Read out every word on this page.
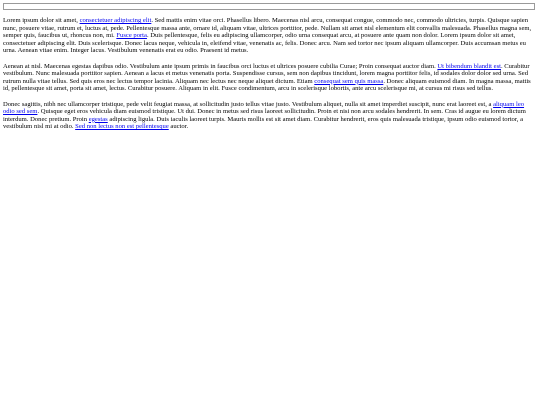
Lorem ipsum dolor sit amet, consectetuer adipiscing elit. Sed mattis enim vitae orci. Phasellus libero. Maecenas nisl arcu, consequat congue, commodo nec, commodo ultricies, turpis. Quisque sapien nunc, posuere vitae, rutrum et, luctus at, pede. Pellentesque massa ante, ornare id, aliquam vitae, ultrices porttitor, pede. Nullam sit amet nisl elementum elit convallis malesuada. Phasellus magna sem, semper quis, faucibus ut, rhoncus non, mi. Fusce porta. Duis pellentesque, felis eu adipiscing ullamcorper, odio urna consequat arcu, at posuere ante quam non dolor. Lorem ipsum dolor sit amet, consectetuer adipiscing elit. Duis scelerisque. Donec lacus neque, vehicula in, eleifend vitae, venenatis ac, felis. Donec arcu. Nam sed tortor nec ipsum aliquam ullamcorper. Duis accumsan metus eu urna. Aenean vitae enim. Integer lacus. Vestibulum venenatis erat eu odio. Praesent id metus.

Aenean at nisl. Maecenas egestas dapibus odio. Vestibulum ante ipsum primis in faucibus orci luctus et ultrices posuere cubilia Curae; Proin consequat auctor diam. Ut bibendum blandit est. Curabitur vestibulum. Nunc malesuada porttitor sapien. Aenean a lacus et metus venenatis porta. Suspendisse cursus, sem non dapibus tincidunt, lorem magna porttitor felis, id sodales dolor dolor sed urna. Sed rutrum nulla vitae tellus. Sed quis eros nec lectus tempor lacinia. Aliquam nec lectus nec neque aliquet dictum. Etiam consequat sem quis massa. Donec aliquam euismod diam. In magna massa, mattis id, pellentesque sit amet, porta sit amet, lectus. Curabitur posuere. Aliquam in elit. Fusce condimentum, arcu in scelerisque lobortis, ante arcu scelerisque mi, at cursus mi risus sed tellus.

Donec sagittis, nibh nec ullamcorper tristique, pede velit feugiat massa, at sollicitudin justo tellus vitae justo. Vestibulum aliquet, nulla sit amet imperdiet suscipit, nunc erat laoreet est, a aliquam leo odio sed sem. Quisque eget eros vehicula diam euismod tristique. Ut dui. Donec in metus sed risus laoreet sollicitudin. Proin et nisi non arcu sodales hendrerit. In sem. Cras id augue eu lorem dictum interdum. Donec pretium. Proin egestas adipiscing ligula. Duis iaculis laoreet turpis. Mauris mollis est sit amet diam. Curabitur hendrerit, eros quis malesuada tristique, ipsum odio euismod tortor, a vestibulum nisl mi at odio. Sed non lectus non est pellentesque auctor.
